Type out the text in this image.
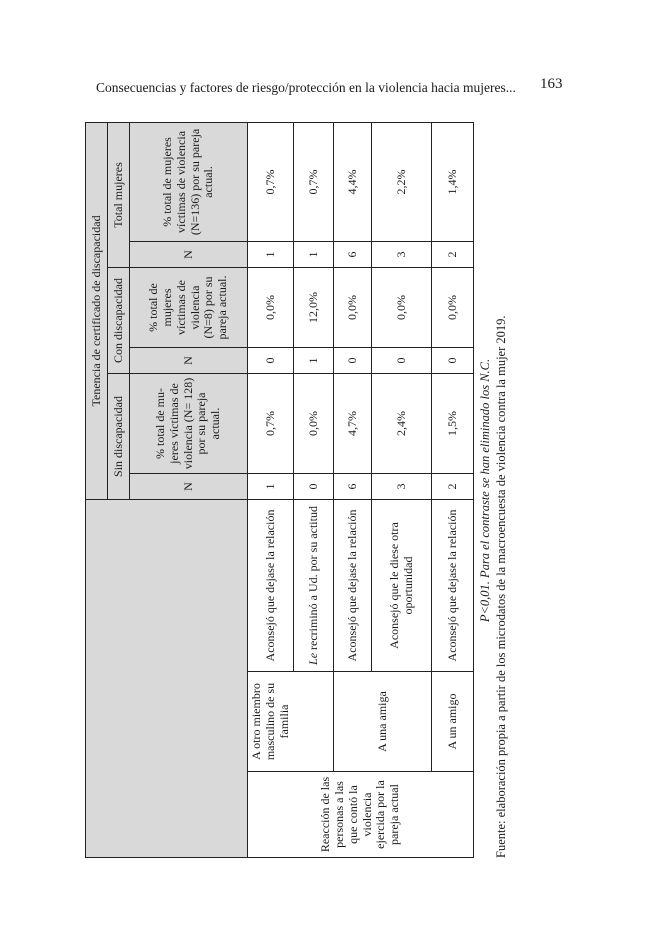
Consecuencias y factores de riesgo/protección en la violencia hacia mujeres... 163
			Tenencia de certificado de discapacidad					
			Sin discapacidad		Con discapacidad		Total mujeres	
			N	% total de mu- jeres víctimas de violencia (N= 128) por su pareja actual.	N	% total de mujeres víctimas de violencia (N=8) por su pareja actual.	N	% total de mujeres víctimas de violencia (N=136) por su pareja actual.
Reacción de las personas a las que contó la violencia ejercida por la pareja actual	A otro miembro masculino de su familia	Aconsejó que dejase la relación	1	0,7%	0	0,0%	1	0,7%
		Le recriminó a Ud. por su actitud	0	0,0%	1	12,0%	1	0,7%
	A una amiga	Aconsejó que dejase la relación	6	4,7%	0	0,0%	6	4,4%
		Aconsejó que le diese otra oportunidad	3	2,4%	0	0,0%	3	2,2%
	A un amigo	Aconsejó que dejase la relación	2	1,5%	0	0,0%	2	1,4%
P<0,01. Para el contraste se han eliminado los N.C. Fuente: elaboración propia a partir de los microdatos de la macroencuesta de violencia contra la mujer 2019.
